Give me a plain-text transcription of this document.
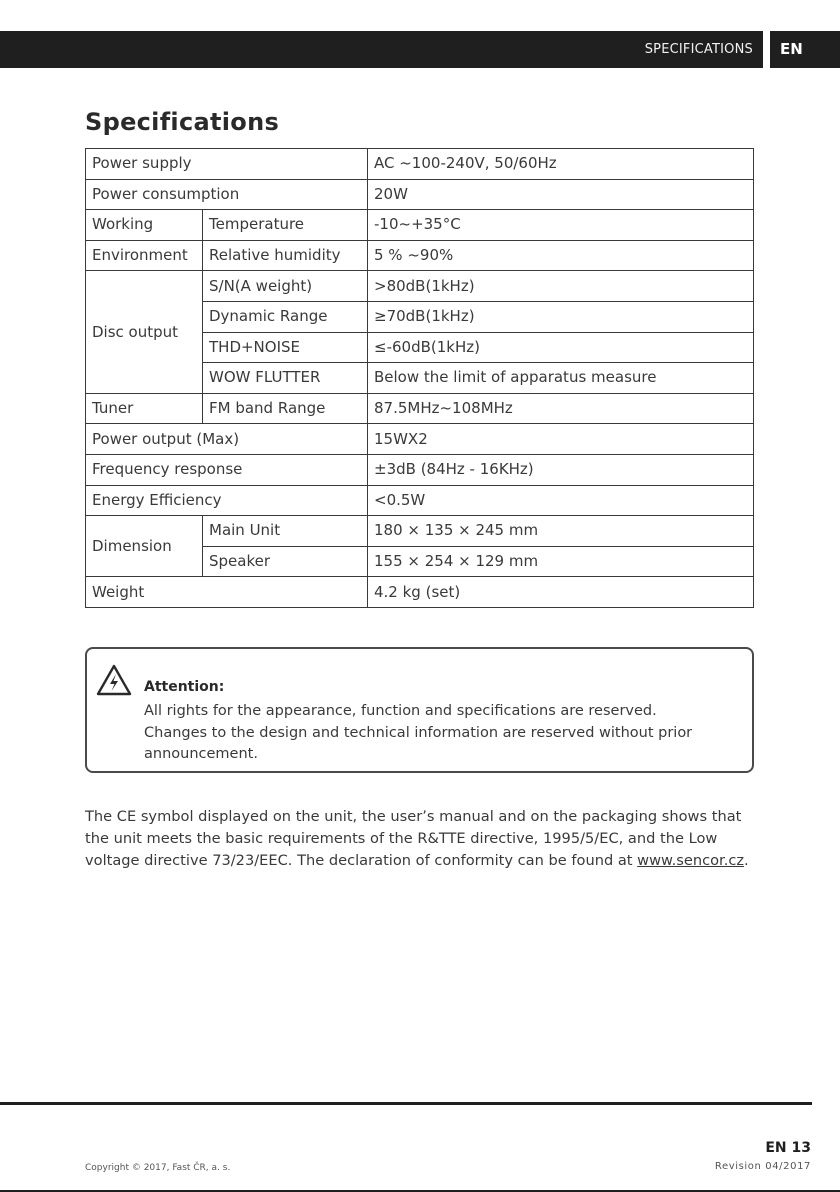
SPECIFICATIONS EN
Specifications
Power supply		AC ~100-240V, 50/60Hz
Power consumption		20W
Working	Temperature	-10~+35°C
Environment	Relative humidity	5 % ~90%
Disc output	S/N(A weight)	>80dB(1kHz)
	Dynamic Range	≥70dB(1kHz)
	THD+NOISE	≤-60dB(1kHz)
	WOW FLUTTER	Below the limit of apparatus measure
Tuner	FM band Range	87.5MHz~108MHz
Power output (Max)		15WX2
Frequency response		±3dB (84Hz - 16KHz)
Energy Efficiency		<0.5W
Dimension	Main Unit	180 × 135 × 245 mm
	Speaker	155 × 254 × 129 mm
Weight		4.2 kg (set)
Attention:
All rights for the appearance, function and specifications are reserved.
Changes to the design and technical information are reserved without prior
announcement.
The CE symbol displayed on the unit, the user’s manual and on the packaging shows that
the unit meets the basic requirements of the R&TTE directive, 1995/5/EC, and the Low
voltage directive 73/23/EEC. The declaration of conformity can be found at www.sencor.cz.
EN 13
Revision 04/2017
Copyright © 2017, Fast ČR, a. s.
